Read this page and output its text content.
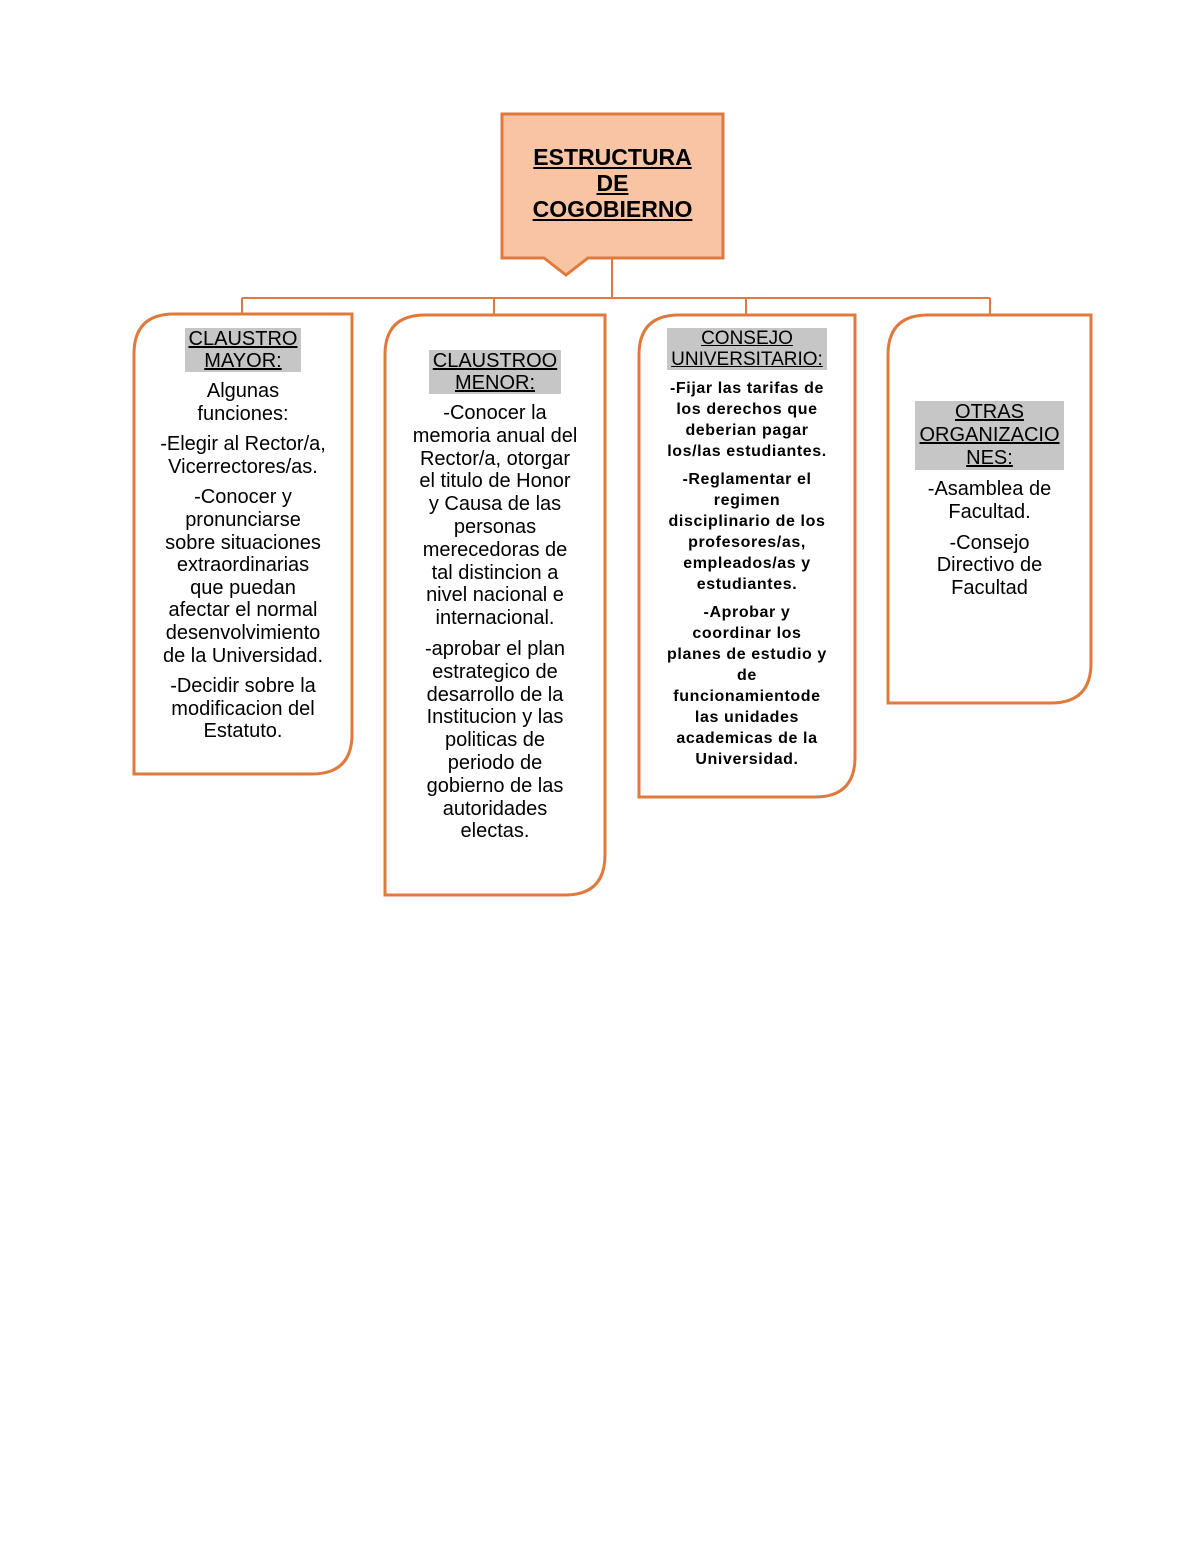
ESTRUCTURA
DE
COGOBIERNO
CLAUSTRO
MAYOR:

Algunas
funciones:

-Elegir al Rector/a,
Vicerrectores/as.

-Conocer y
pronunciarse
sobre situaciones
extraordinarias
que puedan
afectar el normal
desenvolvimiento
de la Universidad.

-Decidir sobre la
modificacion del
Estatuto.

CLAUSTROO
MENOR:

-Conocer la
memoria anual del
Rector/a, otorgar
el titulo de Honor
y Causa de las
personas
merecedoras de
tal distincion a
nivel nacional e
internacional.

-aprobar el plan
estrategico de
desarrollo de la
Institucion y las
politicas de
periodo de
gobierno de las
autoridades
electas.

CONSEJO
UNIVERSITARIO:

-Fijar las tarifas de
los derechos que
deberian pagar
los/las estudiantes.

-Reglamentar el
regimen
disciplinario de los
profesores/as,
empleados/as y
estudiantes.

-Aprobar y
coordinar los
planes de estudio y
de
funcionamientode
las unidades
academicas de la
Universidad.

OTRAS
ORGANIZACIO
NES:

-Asamblea de
Facultad.

-Consejo
Directivo de
Facultad
